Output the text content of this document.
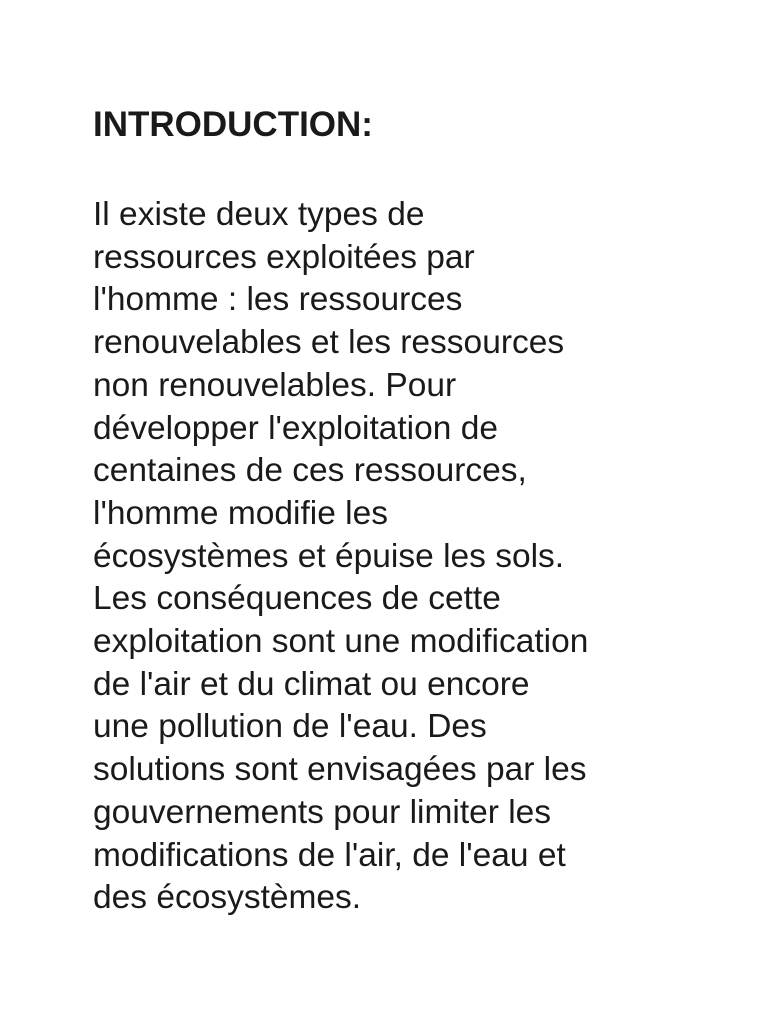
INTRODUCTION:

Il existe deux types de
ressources exploitées par
l'homme : les ressources
renouvelables et les ressources
non renouvelables. Pour
développer l'exploitation de
centaines de ces ressources,
l'homme modifie les
écosystèmes et épuise les sols.
Les conséquences de cette
exploitation sont une modification
de l'air et du climat ou encore
une pollution de l'eau. Des
solutions sont envisagées par les
gouvernements pour limiter les
modifications de l'air, de l'eau et
des écosystèmes.
